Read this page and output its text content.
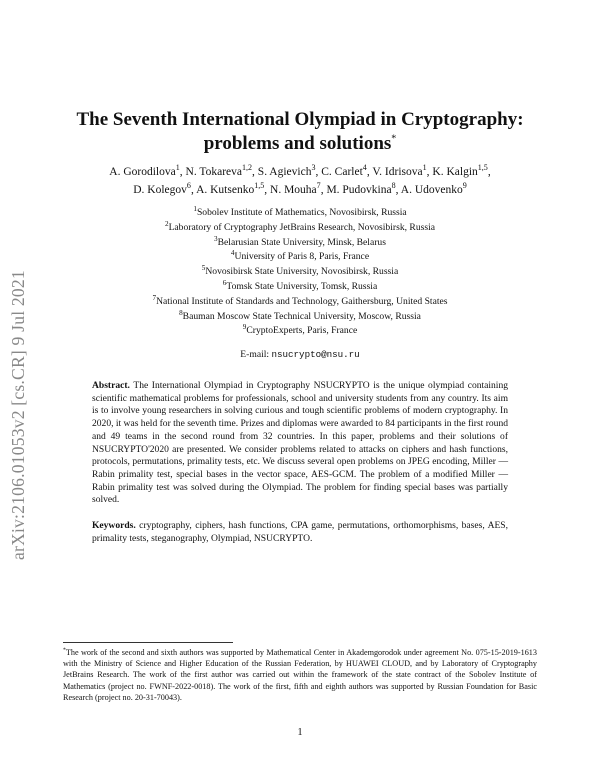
arXiv:2106.01053v2 [cs.CR] 9 Jul 2021
The Seventh International Olympiad in Cryptography:
problems and solutions*
A. Gorodilova$^1$, N. Tokareva$^{1,2}$, S. Agievich$^3$, C. Carlet$^4$, V. Idrisova$^1$, K. Kalgin$^{1,5}$,
D. Kolegov$^6$, A. Kutsenko$^{1,5}$, N. Mouha$^7$, M. Pudovkina$^8$, A. Udovenko$^9$
$^1$Sobolev Institute of Mathematics, Novosibirsk, Russia
$^2$Laboratory of Cryptography JetBrains Research, Novosibirsk, Russia
$^3$Belarusian State University, Minsk, Belarus
$^4$University of Paris 8, Paris, France
$^5$Novosibirsk State University, Novosibirsk, Russia
$^6$Tomsk State University, Tomsk, Russia
$^7$National Institute of Standards and Technology, Gaithersburg, United States
$^8$Bauman Moscow State Technical University, Moscow, Russia
$^9$CryptoExperts, Paris, France
E-mail: nsucrypto@nsu.ru
Abstract. The International Olympiad in Cryptography NSUCRYPTO is the unique olympiad containing scientific mathematical problems for professionals, school and university students from any country. Its aim is to involve young researchers in solving curious and tough scientific problems of modern cryptography. In 2020, it was held for the seventh time. Prizes and diplomas were awarded to 84 participants in the first round and 49 teams in the second round from 32 countries. In this paper, problems and their solutions of NSUCRYPTO'2020 are presented. We consider problems related to attacks on ciphers and hash functions, protocols, permutations, primality tests, etc. We discuss several open problems on JPEG encoding, Miller — Rabin primality test, special bases in the vector space, AES-GCM. The problem of a modified Miller — Rabin primality test was solved during the Olympiad. The problem for finding special bases was partially solved.
Keywords. cryptography, ciphers, hash functions, CPA game, permutations, orthomorphisms, bases, AES, primality tests, steganography, Olympiad, NSUCRYPTO.
*The work of the second and sixth authors was supported by Mathematical Center in Akademgorodok under agreement No. 075-15-2019-1613 with the Ministry of Science and Higher Education of the Russian Federation, by HUAWEI CLOUD, and by Laboratory of Cryptography JetBrains Research. The work of the first author was carried out within the framework of the state contract of the Sobolev Institute of Mathematics (project no. FWNF-2022-0018). The work of the first, fifth and eighth authors was supported by Russian Foundation for Basic Research (project no. 20-31-70043).
1
